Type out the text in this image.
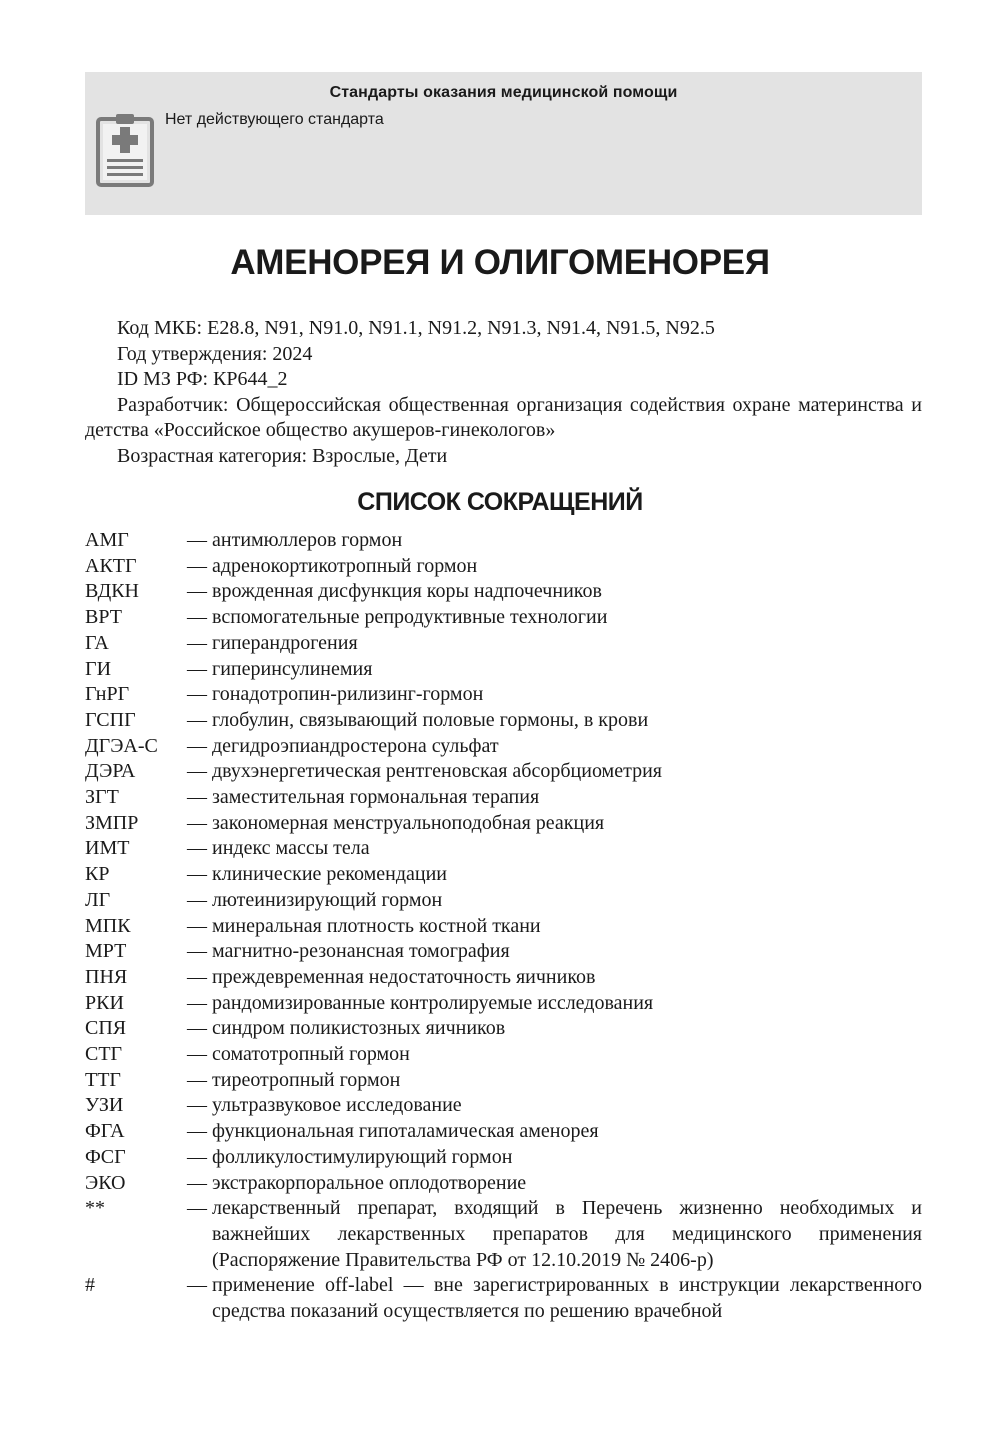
Стандарты оказания медицинской помощи
Нет действующего стандарта
АМЕНОРЕЯ И ОЛИГОМЕНОРЕЯ

Код МКБ: E28.8, N91, N91.0, N91.1, N91.2, N91.3, N91.4, N91.5, N92.5

Год утверждения: 2024

ID МЗ РФ: КР644_2

Разработчик: Общероссийская общественная организация содействия охране материнства и детства «Российское общество акушеров-гинекологов»

Возрастная категория: Взрослые, Дети

СПИСОК СОКРАЩЕНИЙ
АМГ	— антимюллеров гормон
АКТГ	— адренокортикотропный гормон
ВДКН	— врожденная дисфункция коры надпочечников
ВРТ	— вспомогательные репродуктивные технологии
ГА	— гиперандрогения
ГИ	— гиперинсулинемия
ГнРГ	— гонадотропин-рилизинг-гормон
ГСПГ	— глобулин, связывающий половые гормоны, в крови
ДГЭА-С	— дегидроэпиандростерона сульфат
ДЭРА	— двухэнергетическая рентгеновская абсорбциометрия
ЗГТ	— заместительная гормональная терапия
ЗМПР	— закономерная менструальноподобная реакция
ИМТ	— индекс массы тела
КР	— клинические рекомендации
ЛГ	— лютеинизирующий гормон
МПК	— минеральная плотность костной ткани
МРТ	— магнитно-резонансная томография
ПНЯ	— преждевременная недостаточность яичников
РКИ	— рандомизированные контролируемые исследования
СПЯ	— синдром поликистозных яичников
СТГ	— соматотропный гормон
ТТГ	— тиреотропный гормон
УЗИ	— ультразвуковое исследование
ФГА	— функциональная гипоталамическая аменорея
ФСГ	— фолликулостимулирующий гормон
ЭКО	— экстракорпоральное оплодотворение
**	— лекарственный препарат, входящий в Перечень жизненно необходимых и важнейших лекарственных препаратов для медицинского применения (Распоряжение Правительства РФ от 12.10.2019 № 2406-р)
#	— применение off-label — вне зарегистрированных в инструкции лекарственного средства показаний осуществляется по решению врачебной
